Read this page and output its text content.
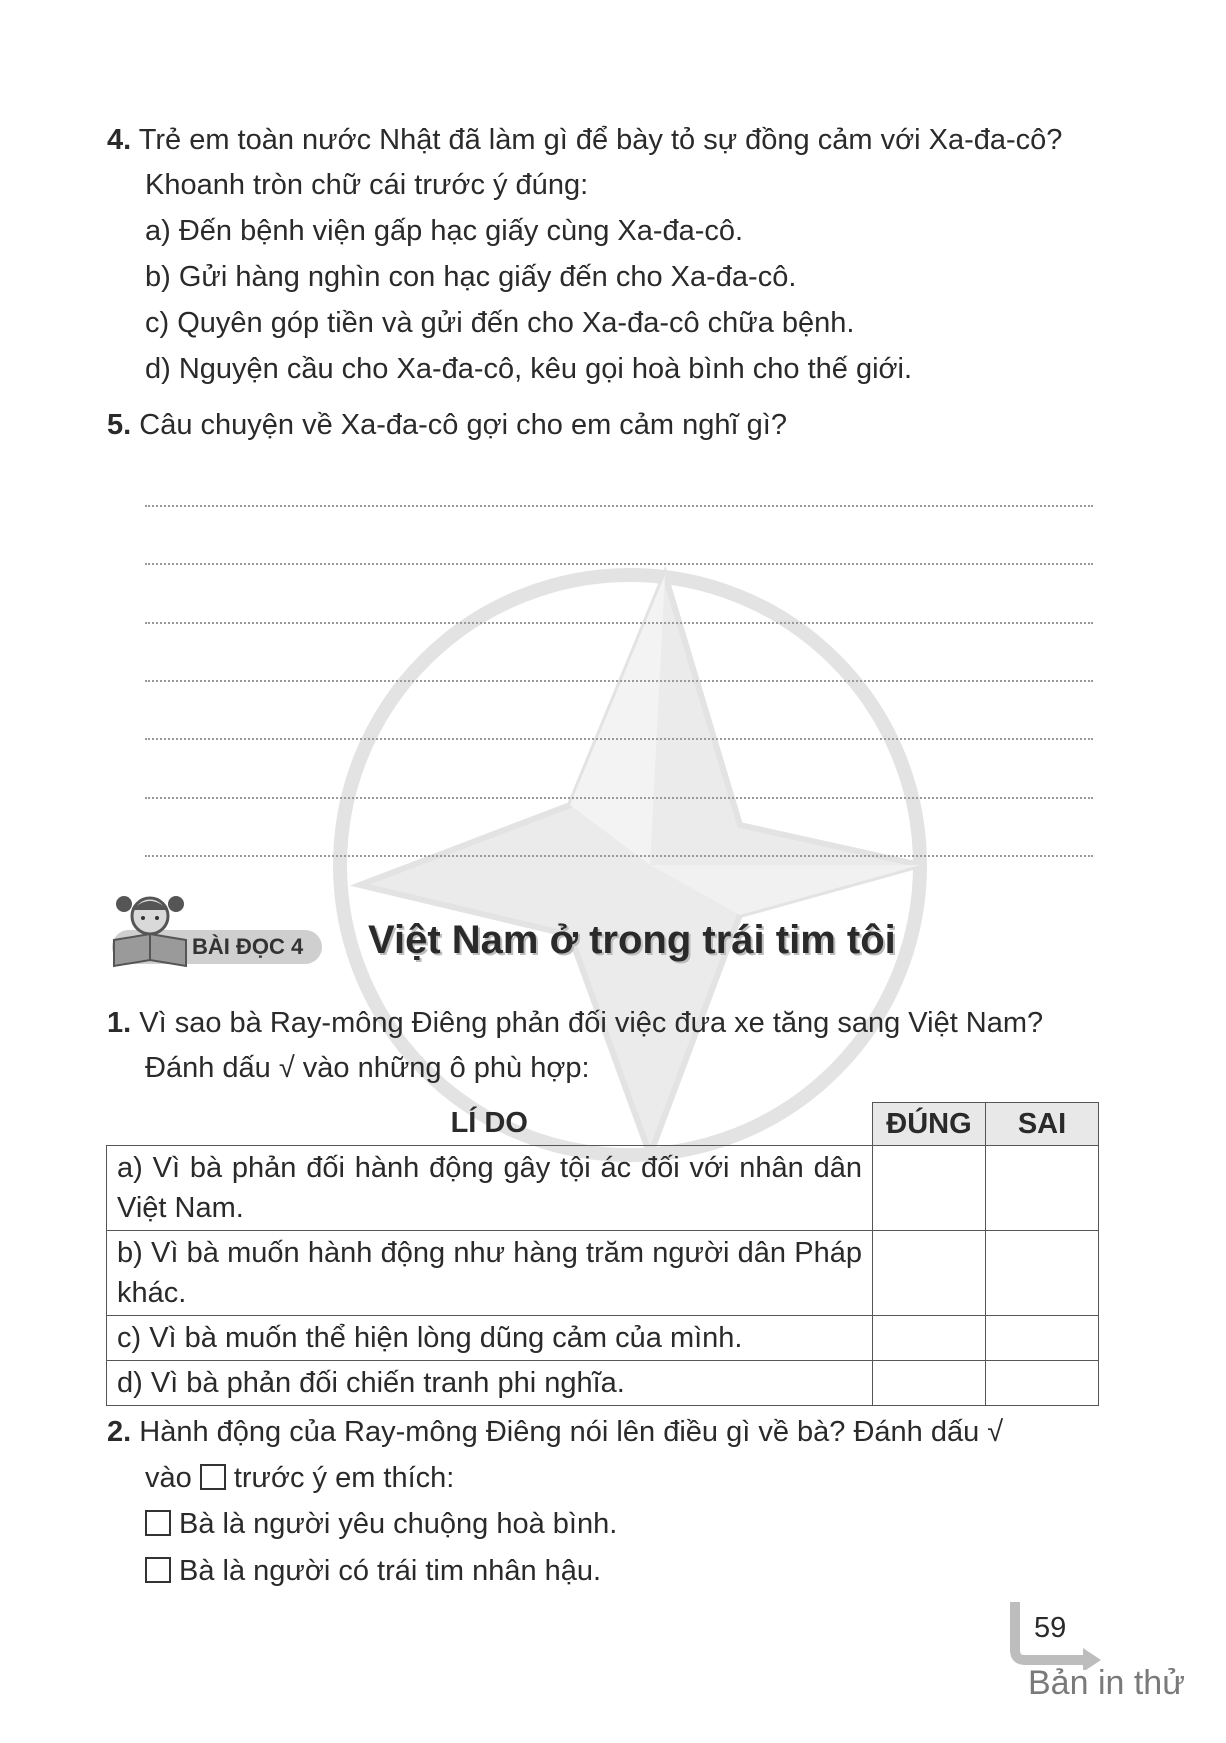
4. Trẻ em toàn nước Nhật đã làm gì để bày tỏ sự đồng cảm với Xa-đa-cô?
Khoanh tròn chữ cái trước ý đúng:
a) Đến bệnh viện gấp hạc giấy cùng Xa-đa-cô.
b) Gửi hàng nghìn con hạc giấy đến cho Xa-đa-cô.
c) Quyên góp tiền và gửi đến cho Xa-đa-cô chữa bệnh.
d) Nguyện cầu cho Xa-đa-cô, kêu gọi hoà bình cho thế giới.
5. Câu chuyện về Xa-đa-cô gợi cho em cảm nghĩ gì?
BÀI ĐỌC 4 Việt Nam ở trong trái tim tôi
1. Vì sao bà Ray-mông Điêng phản đối việc đưa xe tăng sang Việt Nam?
Đánh dấu √ vào những ô phù hợp:
LÍ DO	ĐÚNG	SAI
a) Vì bà phản đối hành động gây tội ác đối với nhân dân Việt Nam.		
b) Vì bà muốn hành động như hàng trăm người dân Pháp khác.		
c) Vì bà muốn thể hiện lòng dũng cảm của mình.		
d) Vì bà phản đối chiến tranh phi nghĩa.		
2. Hành động của Ray-mông Điêng nói lên điều gì về bà? Đánh dấu √
vào trước ý em thích:
Bà là người yêu chuộng hoà bình.
Bà là người có trái tim nhân hậu.
59
Bản in thử
